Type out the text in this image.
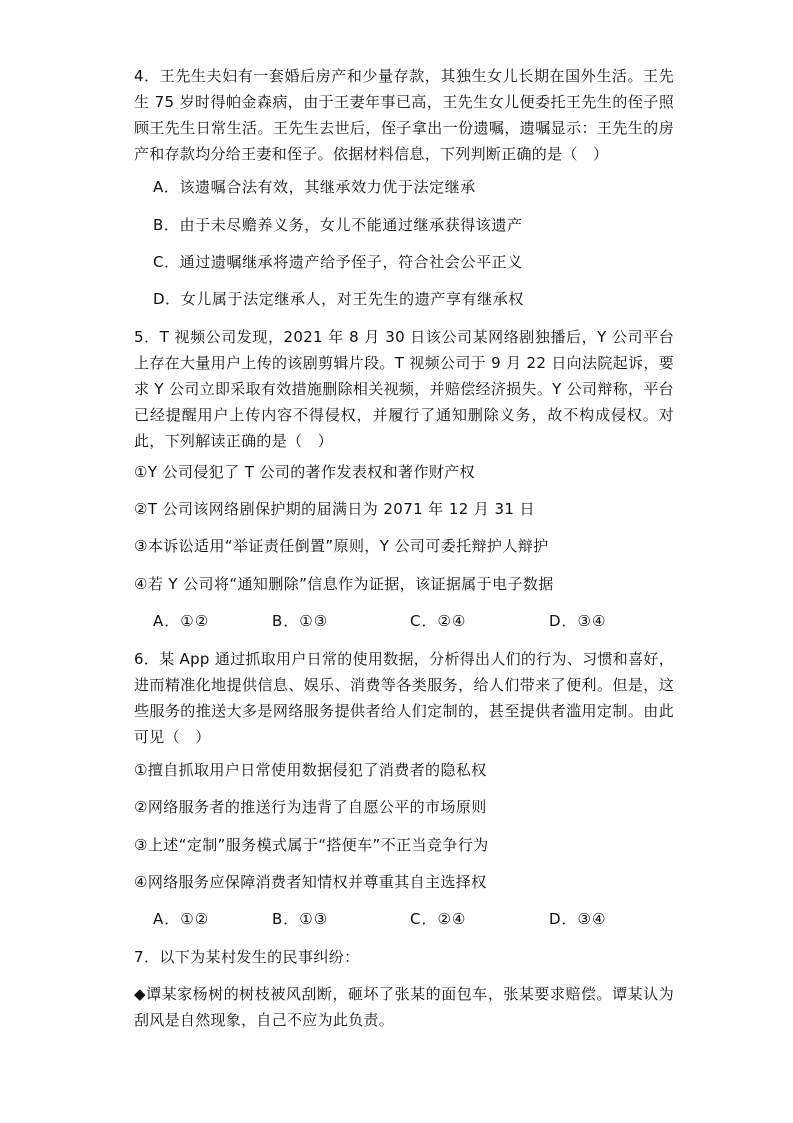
4．王先生夫妇有一套婚后房产和少量存款，其独生女儿长期在国外生活。王先生 75 岁时得帕金森病，由于王妻年事已高，王先生女儿便委托王先生的侄子照顾王先生日常生活。王先生去世后，侄子拿出一份遗嘱，遗嘱显示：王先生的房产和存款均分给王妻和侄子。依据材料信息，下列判断正确的是（　）

A．该遗嘱合法有效，其继承效力优于法定继承

B．由于未尽赡养义务，女儿不能通过继承获得该遗产

C．通过遗嘱继承将遗产给予侄子，符合社会公平正义

D．女儿属于法定继承人，对王先生的遗产享有继承权

5．T 视频公司发现，2021 年 8 月 30 日该公司某网络剧独播后，Y 公司平台上存在大量用户上传的该剧剪辑片段。T 视频公司于 9 月 22 日向法院起诉，要求 Y 公司立即采取有效措施删除相关视频，并赔偿经济损失。Y 公司辩称，平台已经提醒用户上传内容不得侵权，并履行了通知删除义务，故不构成侵权。对此，下列解读正确的是（　）

①Y 公司侵犯了 T 公司的著作发表权和著作财产权

②T 公司该网络剧保护期的届满日为 2071 年 12 月 31 日

③本诉讼适用“举证责任倒置”原则，Y 公司可委托辩护人辩护

④若 Y 公司将“通知删除”信息作为证据，该证据属于电子数据

A．①②	B．①③	C．②④	D．③④

6．某 App 通过抓取用户日常的使用数据，分析得出人们的行为、习惯和喜好，进而精准化地提供信息、娱乐、消费等各类服务，给人们带来了便利。但是，这些服务的推送大多是网络服务提供者给人们定制的，甚至提供者滥用定制。由此可见（　）

①擅自抓取用户日常使用数据侵犯了消费者的隐私权

②网络服务者的推送行为违背了自愿公平的市场原则

③上述“定制”服务模式属于“搭便车”不正当竞争行为

④网络服务应保障消费者知情权并尊重其自主选择权

A．①②	B．①③	C．②④	D．③④

7．以下为某村发生的民事纠纷：

◆谭某家杨树的树枝被风刮断，砸坏了张某的面包车，张某要求赔偿。谭某认为刮风是自然现象，自己不应为此负责。
